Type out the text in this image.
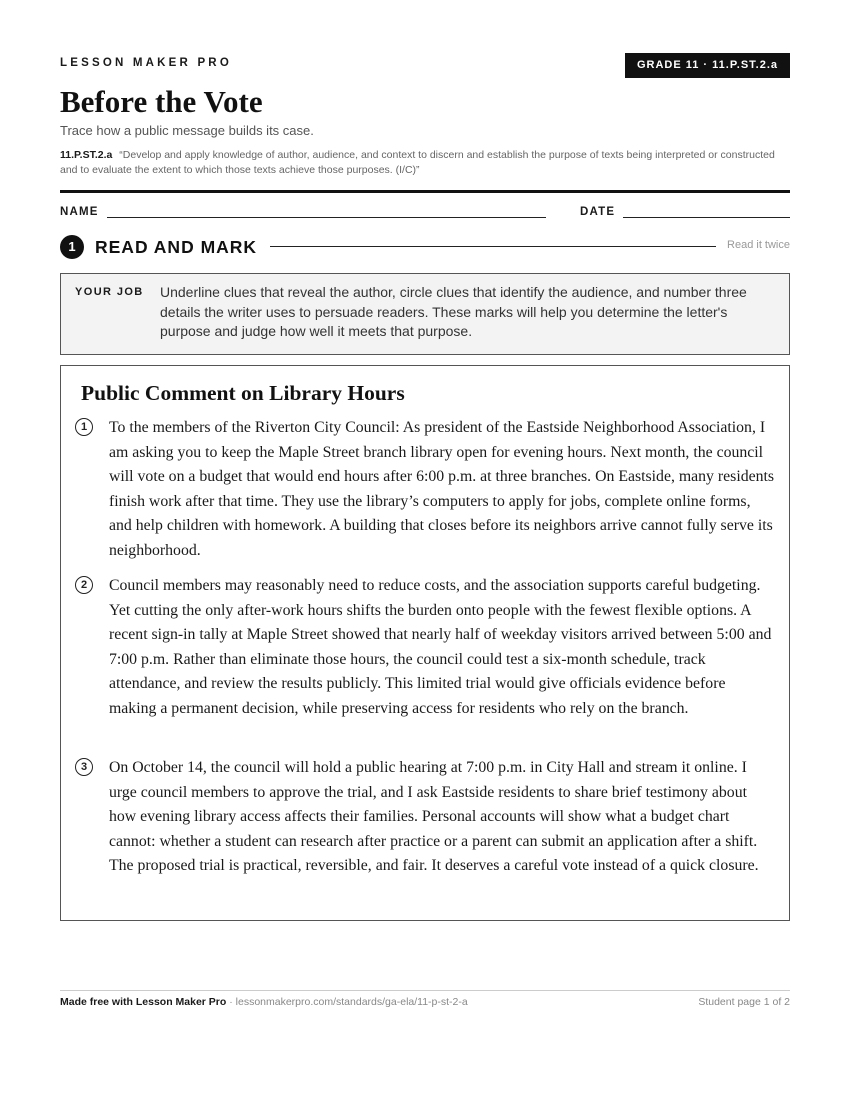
LESSON MAKER PRO	GRADE 11 · 11.P.ST.2.a
Before the Vote
Trace how a public message builds its case.
11.P.ST.2.a “Develop and apply knowledge of author, audience, and context to discern and establish the purpose of texts being interpreted or constructed and to evaluate the extent to which those texts achieve those purposes. (I/C)”
NAME	DATE
1	READ AND MARK	Read it twice
YOUR JOB Underline clues that reveal the author, circle clues that identify the audience, and number three details the writer uses to persuade readers. These marks will help you determine the letter's purpose and judge how well it meets that purpose.
Public Comment on Library Hours
1	To the members of the Riverton City Council: As president of the Eastside Neighborhood Association, I am asking you to keep the Maple Street branch library open for evening hours. Next month, the council will vote on a budget that would end hours after 6:00 p.m. at three branches. On Eastside, many residents finish work after that time. They use the library’s computers to apply for jobs, complete online forms, and help children with homework. A building that closes before its neighbors arrive cannot fully serve its neighborhood.

2	Council members may reasonably need to reduce costs, and the association supports careful budgeting. Yet cutting the only after-work hours shifts the burden onto people with the fewest flexible options. A recent sign-in tally at Maple Street showed that nearly half of weekday visitors arrived between 5:00 and 7:00 p.m. Rather than eliminate those hours, the council could test a six-month schedule, track attendance, and review the results publicly. This limited trial would give officials evidence before making a permanent decision, while preserving access for residents who rely on the branch.

3	On October 14, the council will hold a public hearing at 7:00 p.m. in City Hall and stream it online. I urge council members to approve the trial, and I ask Eastside residents to share brief testimony about how evening library access affects their families. Personal accounts will show what a budget chart cannot: whether a student can research after practice or a parent can submit an application after a shift. The proposed trial is practical, reversible, and fair. It deserves a careful vote instead of a quick closure.

Made free with Lesson Maker Pro · lessonmakerpro.com/standards/ga-ela/11-p-st-2-a	Student page 1 of 2
